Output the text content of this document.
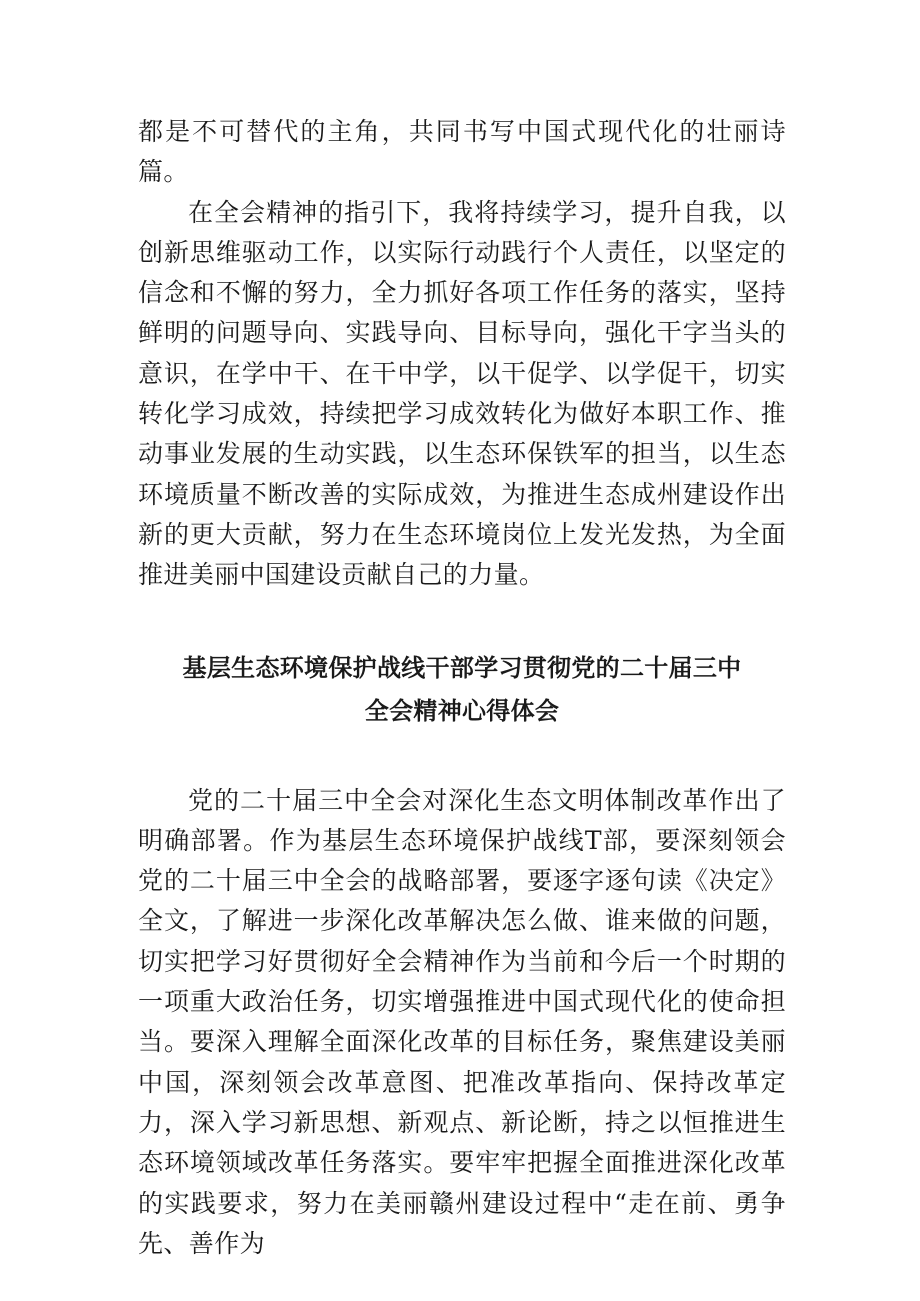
都是不可替代的主角，共同书写中国式现代化的壮丽诗篇。

在全会精神的指引下，我将持续学习，提升自我，以创新思维驱动工作，以实际行动践行个人责任，以坚定的信念和不懈的努力，全力抓好各项工作任务的落实，坚持鲜明的问题导向、实践导向、目标导向，强化干字当头的意识，在学中干、在干中学，以干促学、以学促干，切实转化学习成效，持续把学习成效转化为做好本职工作、推动事业发展的生动实践，以生态环保铁军的担当，以生态环境质量不断改善的实际成效，为推进生态成州建设作出新的更大贡献，努力在生态环境岗位上发光发热，为全面推进美丽中国建设贡献自己的力量。

基层生态环境保护战线干部学习贯彻党的二十届三中
全会精神心得体会

党的二十届三中全会对深化生态文明体制改革作出了明确部署。作为基层生态环境保护战线T部，要深刻领会党的二十届三中全会的战略部署，要逐字逐句读《决定》全文，了解进一步深化改革解决怎么做、谁来做的问题，切实把学习好贯彻好全会精神作为当前和今后一个时期的一项重大政治任务，切实增强推进中国式现代化的使命担当。要深入理解全面深化改革的目标任务，聚焦建设美丽中国，深刻领会改革意图、把准改革指向、保持改革定力，深入学习新思想、新观点、新论断，持之以恒推进生态环境领域改革任务落实。要牢牢把握全面推进深化改革的实践要求，努力在美丽赣州建设过程中“走在前、勇争先、善作为
